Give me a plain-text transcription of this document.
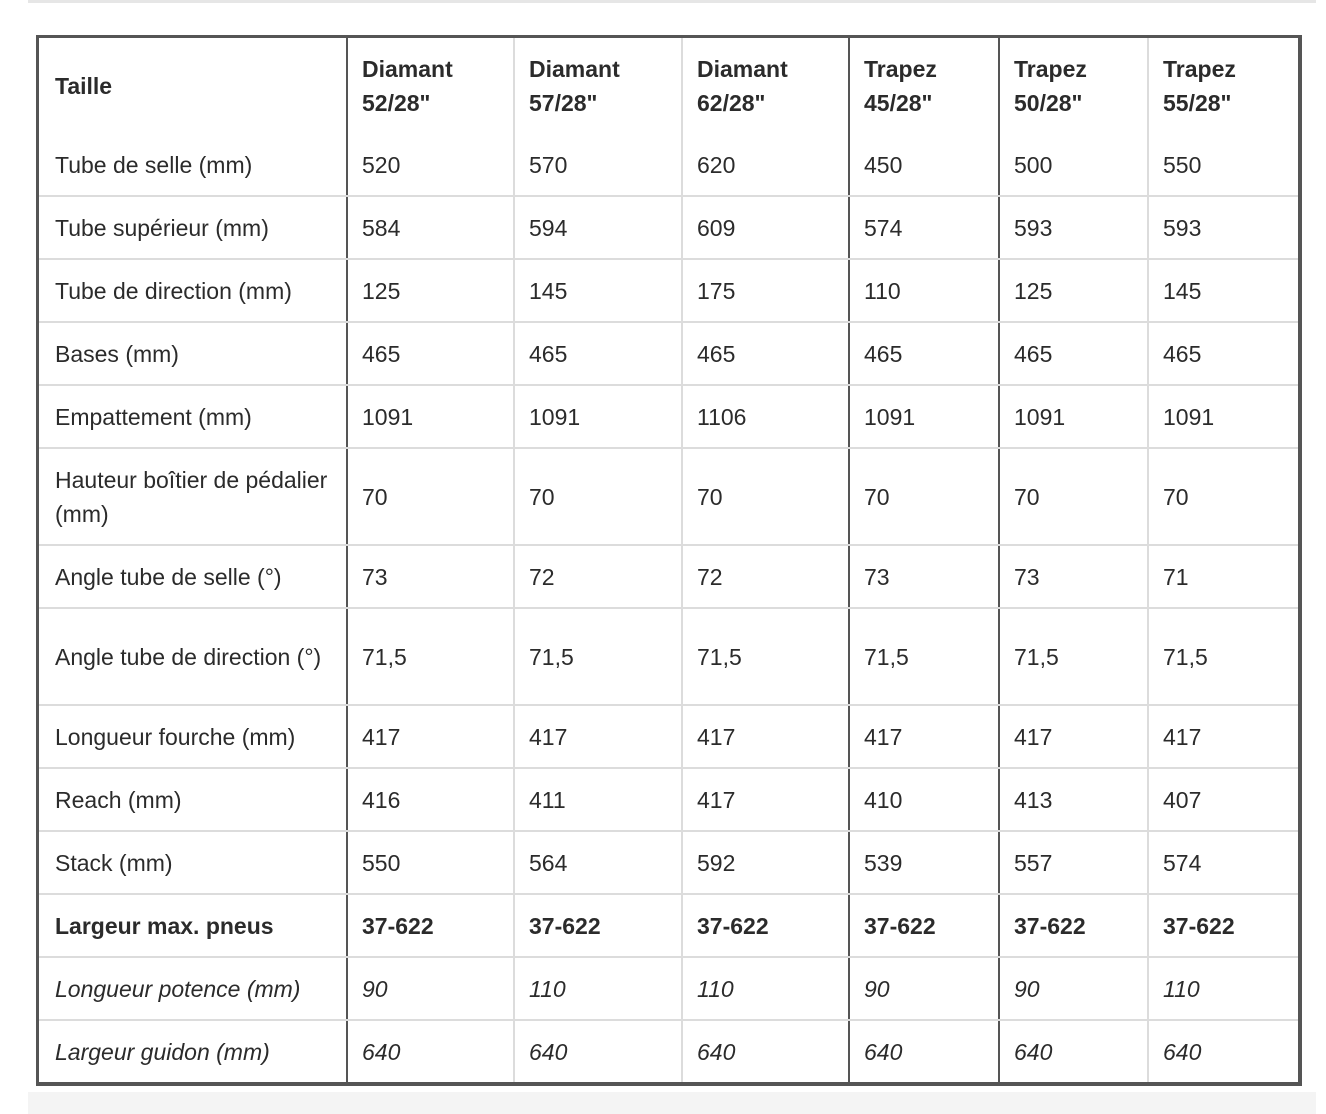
Taille	Diamant 52/28"	Diamant 57/28"	Diamant 62/28"	Trapez 45/28"	Trapez 50/28"	Trapez 55/28"
Tube de selle (mm)	520	570	620	450	500	550
Tube supérieur (mm)	584	594	609	574	593	593
Tube de direction (mm)	125	145	175	110	125	145
Bases (mm)	465	465	465	465	465	465
Empattement (mm)	1091	1091	1106	1091	1091	1091
Hauteur boîtier de pédalier (mm)	70	70	70	70	70	70
Angle tube de selle (°)	73	72	72	73	73	71
Angle tube de direction (°)	71,5	71,5	71,5	71,5	71,5	71,5
Longueur fourche (mm)	417	417	417	417	417	417
Reach (mm)	416	411	417	410	413	407
Stack (mm)	550	564	592	539	557	574
Largeur max. pneus	37-622	37-622	37-622	37-622	37-622	37-622
Longueur potence (mm)	90	110	110	90	90	110
Largeur guidon (mm)	640	640	640	640	640	640
